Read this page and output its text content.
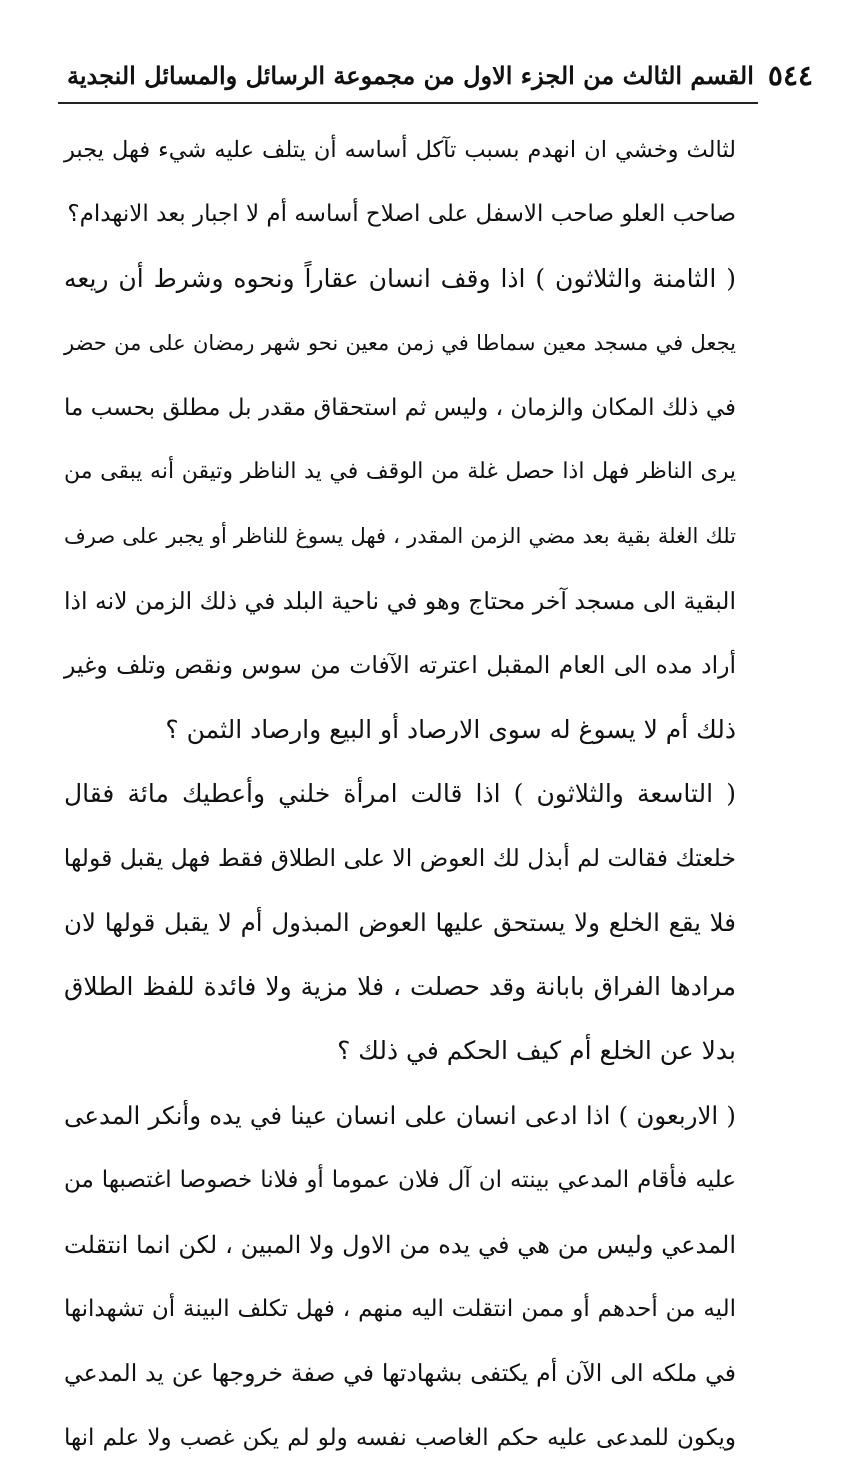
٥٤٤
القسم الثالث من الجزء الاول من مجموعة الرسائل والمسائل النجدية
لثالث وخشي ان انهدم بسبب تآكل أساسه أن يتلف عليه شيء فهل يجبر
صاحب العلو صاحب الاسفل على اصلاح أساسه أم لا اجبار بعد الانهدام؟
( الثامنة والثلاثون ) اذا وقف انسان عقاراً ونحوه وشرط أن ريعه
يجعل في مسجد معين سماطا في زمن معين نحو شهر رمضان على من حضر
في ذلك المكان والزمان ، وليس ثم استحقاق مقدر بل مطلق بحسب ما
يرى الناظر فهل اذا حصل غلة من الوقف في يد الناظر وتيقن أنه يبقى من
تلك الغلة بقية بعد مضي الزمن المقدر ، فهل يسوغ للناظر أو يجبر على صرف
البقية الى مسجد آخر محتاج وهو في ناحية البلد في ذلك الزمن لانه اذا
أراد مده الى العام المقبل اعترته الآفات من سوس ونقص وتلف وغير
ذلك أم لا يسوغ له سوى الارصاد أو البيع وارصاد الثمن ؟
( التاسعة والثلاثون ) اذا قالت امرأة خلني وأعطيك مائة فقال
خلعتك فقالت لم أبذل لك العوض الا على الطلاق فقط فهل يقبل قولها
فلا يقع الخلع ولا يستحق عليها العوض المبذول أم لا يقبل قولها لان
مرادها الفراق بابانة وقد حصلت ، فلا مزية ولا فائدة للفظ الطلاق
بدلا عن الخلع أم كيف الحكم في ذلك ؟
( الاربعون ) اذا ادعى انسان على انسان عينا في يده وأنكر المدعى
عليه فأقام المدعي بينته ان آل فلان عموما أو فلانا خصوصا اغتصبها من
المدعي وليس من هي في يده من الاول ولا المبين ، لكن انما انتقلت
اليه من أحدهم أو ممن انتقلت اليه منهم ، فهل تكلف البينة أن تشهدانها
في ملكه الى الآن أم يكتفى بشهادتها في صفة خروجها عن يد المدعي
ويكون للمدعى عليه حكم الغاصب نفسه ولو لم يكن غصب ولا علم انها
